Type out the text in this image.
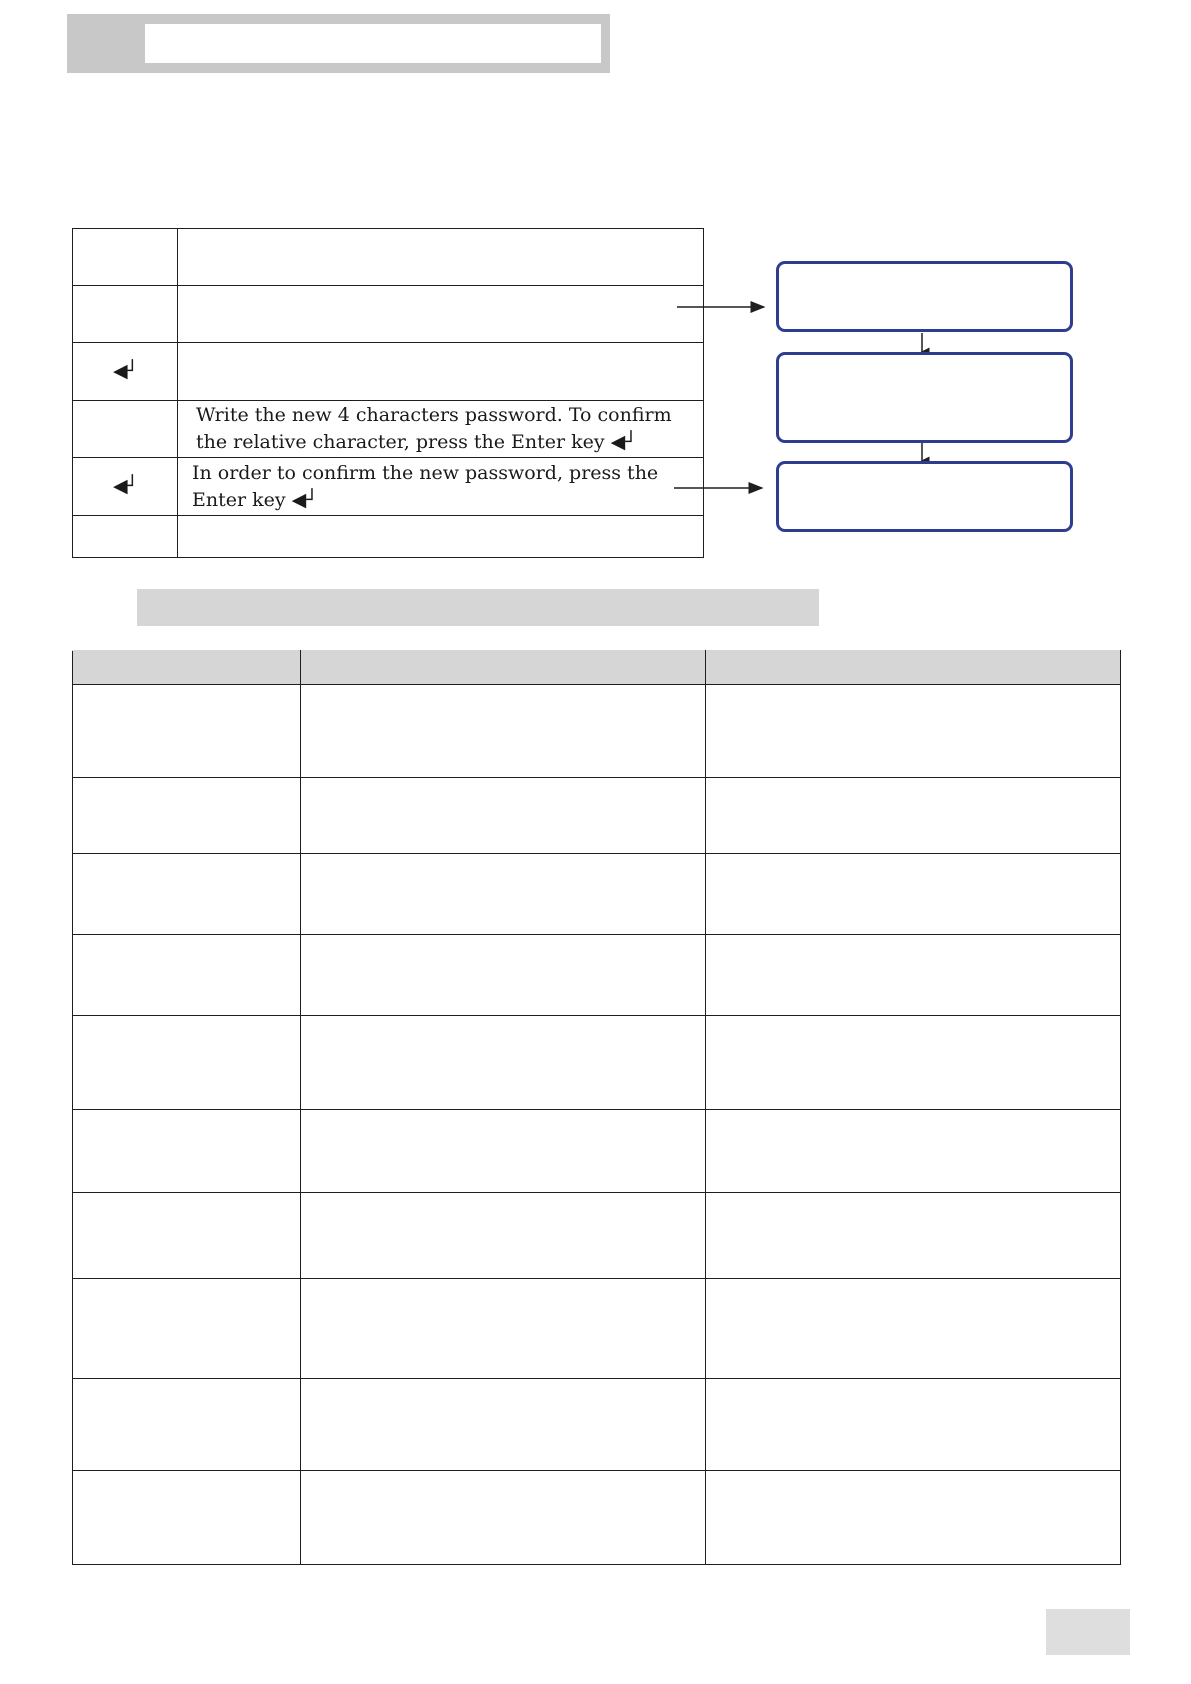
◀┘	
	Write the new 4 characters password. To confirm the relative character, press the Enter key ◀┘
◀┘	In order to confirm the new password, press the Enter key ◀┘
